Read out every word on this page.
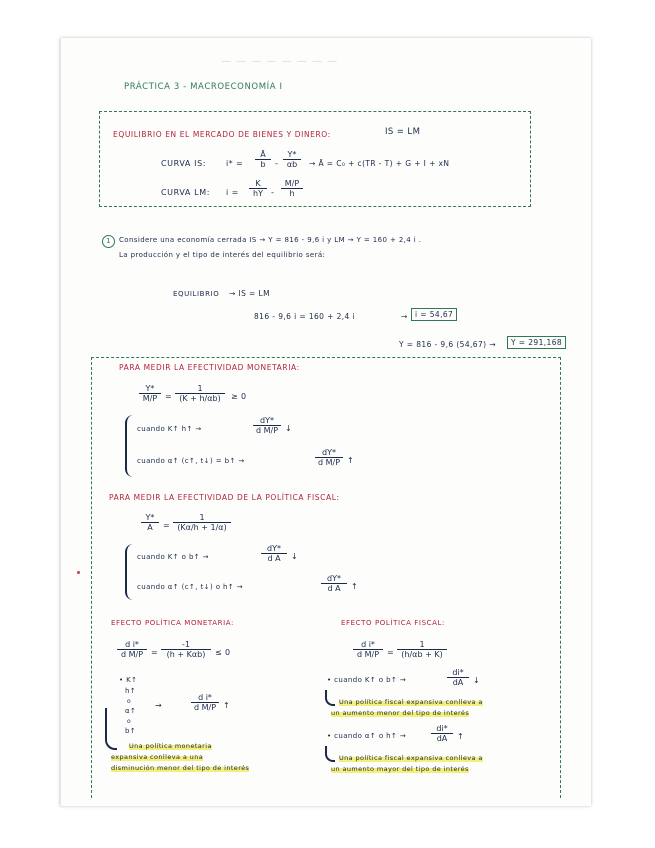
— — — — — — — —
PRÁCTICA 3 - MACROECONOMÍA I
EQUILIBRIO EN EL MERCADO DE BIENES Y DINERO:	IS = LM
CURVA IS: $i* = \frac{Ā}{b} - \frac{Y*}{\alpha b}$ → Ā = C₀ + c(TR - T) + G + I + xN
CURVA LM: $i = \frac{K}{hY} - \frac{M/P}{h}$
1	Considere una economía cerrada IS → Y = 816 - 9,6 i y LM → Y = 160 + 2,4 i .
La producción y el tipo de interés del equilibrio será:
EQUILIBRIO → IS = LM
816 - 9,6 i = 160 + 2,4 i	→ i = 54,67
Y = 816 - 9,6 (54,67) →	Y = 291,168
PARA MEDIR LA EFECTIVIDAD MONETARIA:
$\frac{Y*}{M/P} = \frac{1}{(K + h/\alpha b)} \ge 0$
cuando K↑ h↑ →	$\frac{dY*}{\text{d M/P}}$ ↓
cuando α↑ (c↑, t↓) = b↑ →	$\frac{dY*}{\text{d M/P}}$ ↑
PARA MEDIR LA EFECTIVIDAD DE LA POLÍTICA FISCAL:
$\frac{Y*}{A} = \frac{1}{(K\alpha/h + 1/\alpha)}$
cuando K↑ o b↑ →	$\frac{dY*}{\text{d A}}$ ↓
cuando α↑ (c↑, t↓) o h↑ →	$\frac{dY*}{\text{d A}}$ ↑
EFECTO POLÍTICA MONETARIA:
$\frac{\text{d i*}}{\text{d M/P}}$ =
-1
(h + Kαb)	≤ 0
• K↑
h↑
o
α↑
o
b↑
→	$\frac{\text{d i*}}{\text{d M/P}}$ ↑
Una política monetaria
expansiva conlleva a una
disminución menor del tipo de interés
EFECTO POLÍTICA FISCAL:
$\frac{\text{d i*}}{\text{d M/P}} = \frac{1}{(h/\alpha b + K)}$
• cuando K↑ o b↑ →	$\frac{di*}{dA}$ ↓
Una política fiscal expansiva conlleva a
un aumento menor del tipo de interés
• cuando α↑ o h↑ →	$\frac{di*}{dA}$ ↑
Una política fiscal expansiva conlleva a
un aumento mayor del tipo de interés
